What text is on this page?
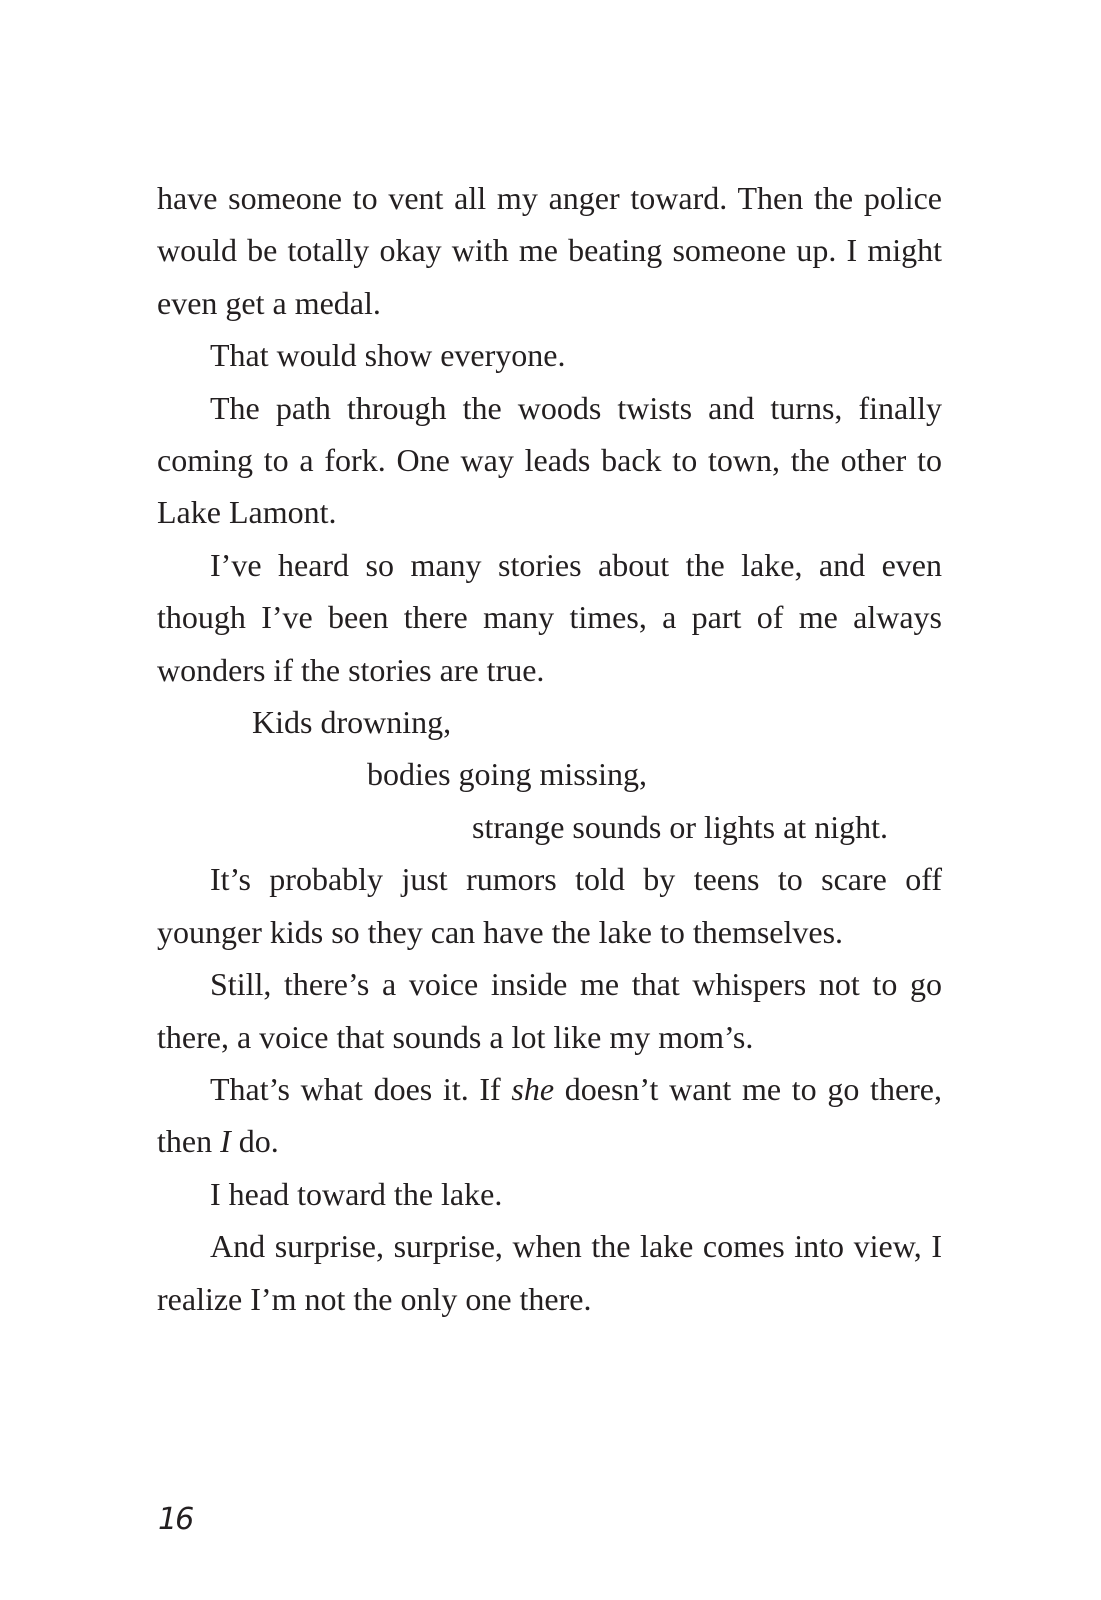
have someone to vent all my anger toward. Then the police would be totally okay with me beating someone up. I might even get a medal.

That would show everyone.

The path through the woods twists and turns, finally coming to a fork. One way leads back to town, the other to Lake Lamont.

I’ve heard so many stories about the lake, and even though I’ve been there many times, a part of me always wonders if the stories are true.

Kids drowning,

bodies going missing,

strange sounds or lights at night.

It’s probably just rumors told by teens to scare off younger kids so they can have the lake to themselves.

Still, there’s a voice inside me that whispers not to go there, a voice that sounds a lot like my mom’s.

That’s what does it. If she doesn’t want me to go there, then I do.

I head toward the lake.

And surprise, surprise, when the lake comes into view, I realize I’m not the only one there.

16
